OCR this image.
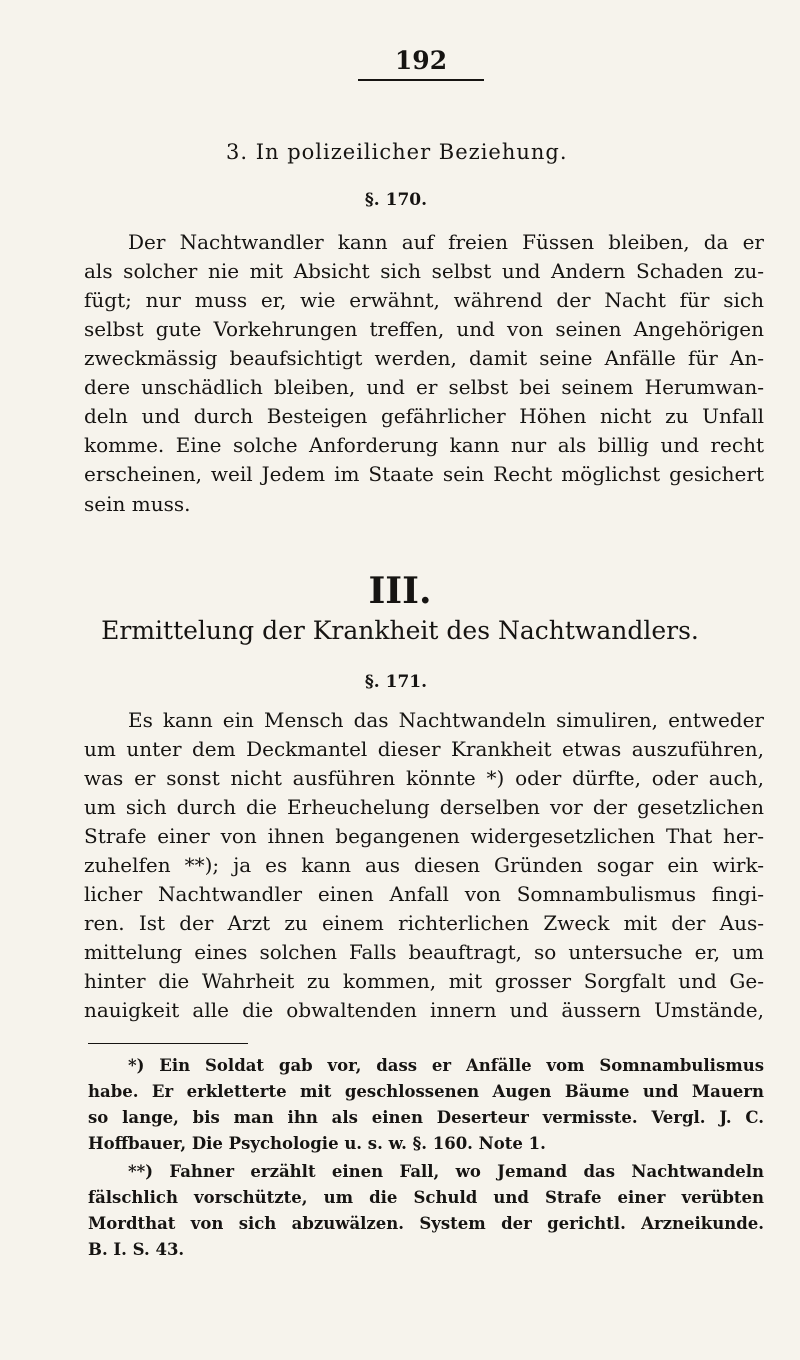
192
3. In polizeilicher Beziehung.
§. 170.
Der Nachtwandler kann auf freien Füssen bleiben, da er
als solcher nie mit Absicht sich selbst und Andern Schaden zu-
fügt; nur muss er, wie erwähnt, während der Nacht für sich
selbst gute Vorkehrungen treffen, und von seinen Angehörigen
zweckmässig beaufsichtigt werden, damit seine Anfälle für An-
dere unschädlich bleiben, und er selbst bei seinem Herumwan-
deln und durch Besteigen gefährlicher Höhen nicht zu Unfall
komme. Eine solche Anforderung kann nur als billig und recht
erscheinen, weil Jedem im Staate sein Recht möglichst gesichert
sein muss.
III.
Ermittelung der Krankheit des Nachtwandlers.
§. 171.
Es kann ein Mensch das Nachtwandeln simuliren, entweder
um unter dem Deckmantel dieser Krankheit etwas auszuführen,
was er sonst nicht ausführen könnte *) oder dürfte, oder auch,
um sich durch die Erheuchelung derselben vor der gesetzlichen
Strafe einer von ihnen begangenen widergesetzlichen That her-
zuhelfen **); ja es kann aus diesen Gründen sogar ein wirk-
licher Nachtwandler einen Anfall von Somnambulismus fingi-
ren. Ist der Arzt zu einem richterlichen Zweck mit der Aus-
mittelung eines solchen Falls beauftragt, so untersuche er, um
hinter die Wahrheit zu kommen, mit grosser Sorgfalt und Ge-
nauigkeit alle die obwaltenden innern und äussern Umstände,
*) Ein Soldat gab vor, dass er Anfälle vom Somnambulismus
habe. Er erkletterte mit geschlossenen Augen Bäume und Mauern
so lange, bis man ihn als einen Deserteur vermisste. Vergl. J. C.
Hoffbauer, Die Psychologie u. s. w. §. 160. Note 1.
**) Fahner erzählt einen Fall, wo Jemand das Nachtwandeln
fälschlich vorschützte, um die Schuld und Strafe einer verübten
Mordthat von sich abzuwälzen. System der gerichtl. Arzneikunde.
B. I. S. 43.
